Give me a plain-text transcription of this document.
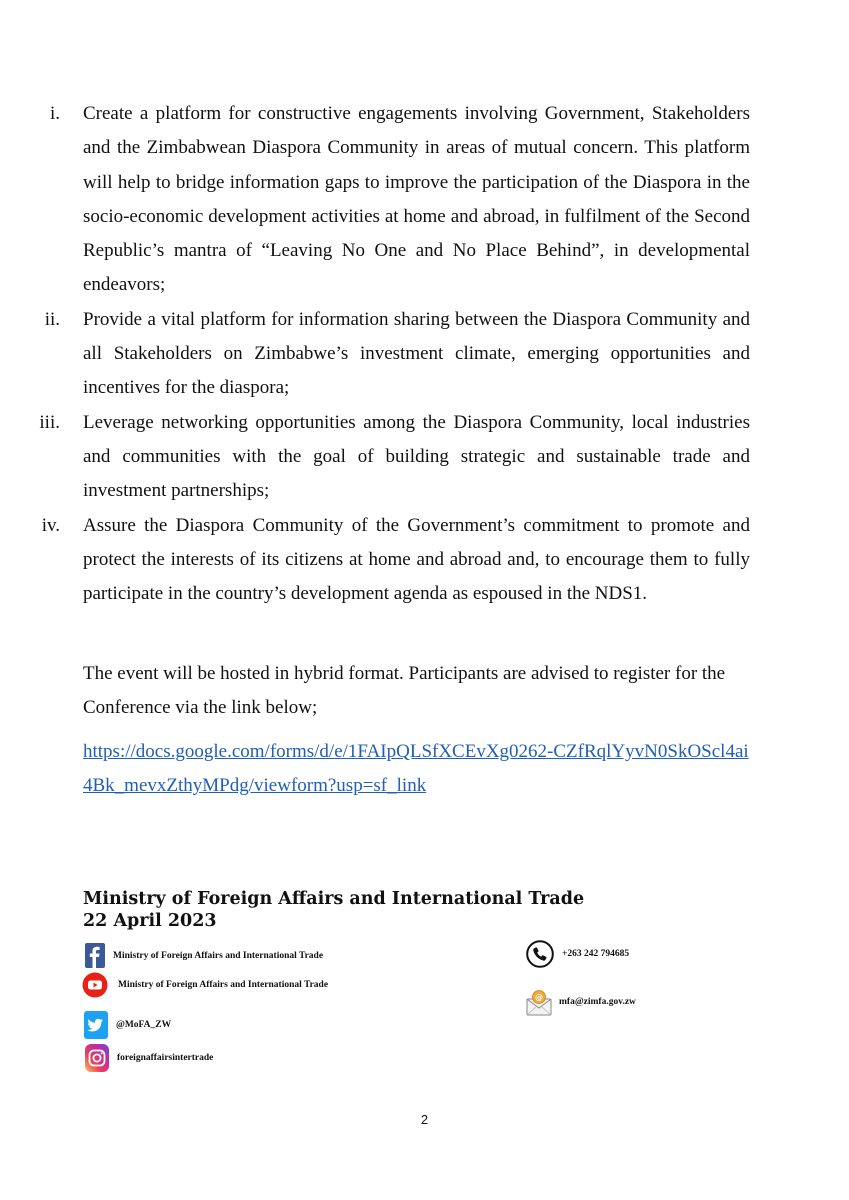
i. Create a platform for constructive engagements involving Government, Stakeholders and the Zimbabwean Diaspora Community in areas of mutual concern. This platform will help to bridge information gaps to improve the participation of the Diaspora in the socio-economic development activities at home and abroad, in fulfilment of the Second Republic’s mantra of “Leaving No One and No Place Behind”, in developmental endeavors;
ii. Provide a vital platform for information sharing between the Diaspora Community and all Stakeholders on Zimbabwe’s investment climate, emerging opportunities and incentives for the diaspora;
iii. Leverage networking opportunities among the Diaspora Community, local industries and communities with the goal of building strategic and sustainable trade and investment partnerships;
iv. Assure the Diaspora Community of the Government’s commitment to promote and protect the interests of its citizens at home and abroad and, to encourage them to fully participate in the country’s development agenda as espoused in the NDS1.
The event will be hosted in hybrid format. Participants are advised to register for the Conference via the link below;
https://docs.google.com/forms/d/e/1FAIpQLSfXCEvXg0262-CZfRqlYyvN0SkOScl4ai4Bk_mevxZthyMPdg/viewform?usp=sf_link
Ministry of Foreign Affairs and International Trade
22 April 2023
Ministry of Foreign Affairs and International Trade
Ministry of Foreign Affairs and International Trade
@MoFA_ZW
foreignaffairsintertrade
+263 242 794685
@ mfa@zimfa.gov.zw
2
